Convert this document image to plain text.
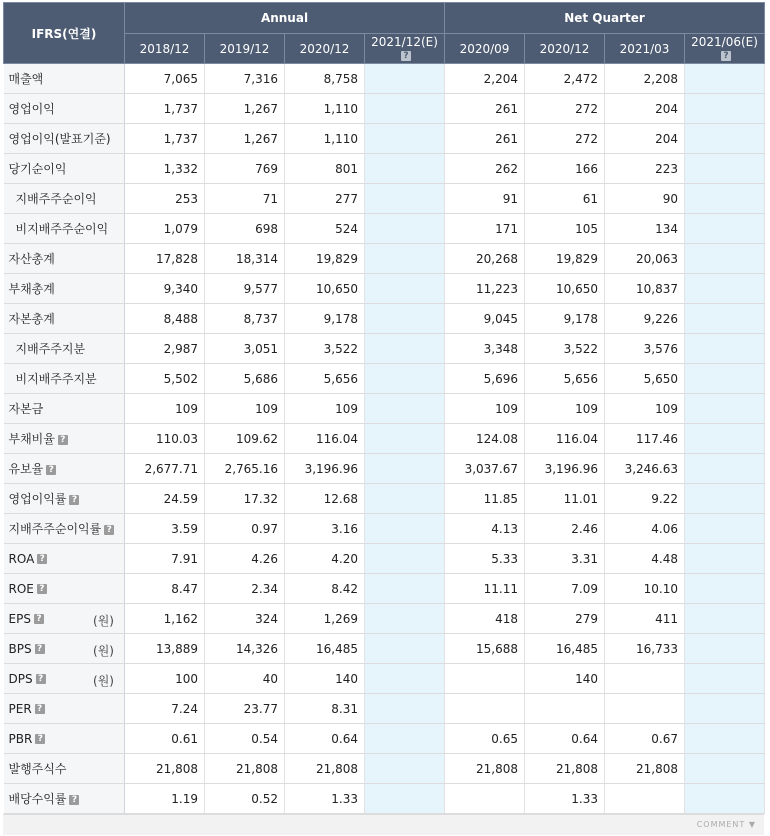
IFRS(연결)	Annual				Net Quarter			
	2018/12	2019/12	2020/12	2021/12(E)?	2020/09	2020/12	2021/03	2021/06(E)?
매출액	7,065	7,316	8,758		2,204	2,472	2,208	
영업이익	1,737	1,267	1,110		261	272	204	
영업이익(발표기준)	1,737	1,267	1,110		261	272	204	
당기순이익	1,332	769	801		262	166	223	
지배주주순이익	253	71	277		91	61	90	
비지배주주순이익	1,079	698	524		171	105	134	
자산총계	17,828	18,314	19,829		20,268	19,829	20,063	
부채총계	9,340	9,577	10,650		11,223	10,650	10,837	
자본총계	8,488	8,737	9,178		9,045	9,178	9,226	
지배주주지분	2,987	3,051	3,522		3,348	3,522	3,576	
비지배주주지분	5,502	5,686	5,656		5,696	5,656	5,650	
자본금	109	109	109		109	109	109	
부채비율 ?	110.03	109.62	116.04		124.08	116.04	117.46	
유보율 ?	2,677.71	2,765.16	3,196.96		3,037.67	3,196.96	3,246.63	
영업이익률 ?	24.59	17.32	12.68		11.85	11.01	9.22	
지배주주순이익률 ?	3.59	0.97	3.16		4.13	2.46	4.06	
ROA ?	7.91	4.26	4.20		5.33	3.31	4.48	
ROE ?	8.47	2.34	8.42		11.11	7.09	10.10	
EPS ? (원)	1,162	324	1,269		418	279	411	
BPS ? (원)	13,889	14,326	16,485		15,688	16,485	16,733	
DPS ? (원)	100	40	140			140		
PER ?	7.24	23.77	8.31					
PBR ?	0.61	0.54	0.64		0.65	0.64	0.67	
발행주식수	21,808	21,808	21,808		21,808	21,808	21,808	
배당수익률 ?	1.19	0.52	1.33			1.33		
COMMENT ▼
